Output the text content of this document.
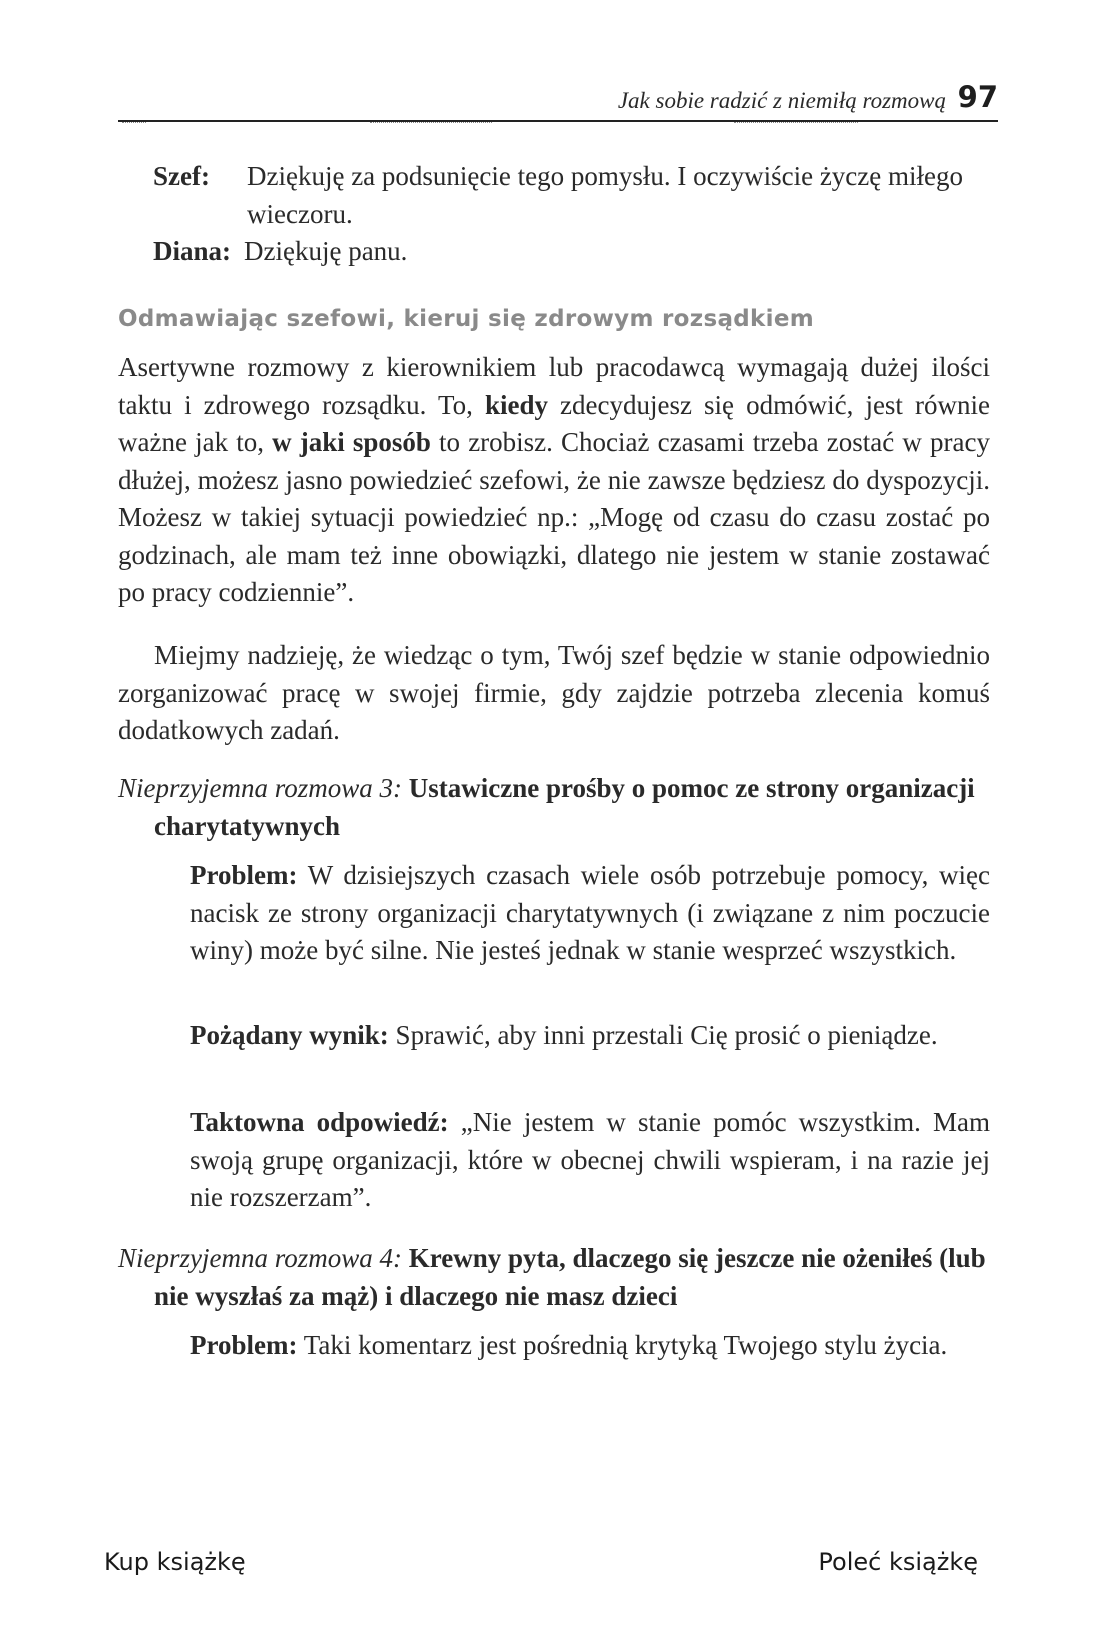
Jak sobie radzić z niemiłą rozmową 97
Szef:	Dziękuję za podsunięcie tego pomysłu. I oczywiście życzę miłego wieczoru.
Diana: Dziękuję panu.
Odmawiając szefowi, kieruj się zdrowym rozsądkiem
Asertywne rozmowy z kierownikiem lub pracodawcą wymagają dużej ilości taktu i zdrowego rozsądku. To, kiedy zdecydujesz się odmówić, jest równie ważne jak to, w jaki sposób to zrobisz. Chociaż czasami trzeba zostać w pracy dłużej, możesz jasno powiedzieć szefowi, że nie zawsze będziesz do dyspozycji. Możesz w takiej sytuacji powiedzieć np.: „Mogę od czasu do czasu zostać po godzinach, ale mam też inne obowiązki, dlatego nie jestem w stanie zostawać po pracy codziennie”.
Miejmy nadzieję, że wiedząc o tym, Twój szef będzie w stanie odpowiednio zorganizować pracę w swojej firmie, gdy zajdzie potrzeba zlecenia komuś dodatkowych zadań.
Nieprzyjemna rozmowa 3: Ustawiczne prośby o pomoc ze strony organizacji charytatywnych
Problem: W dzisiejszych czasach wiele osób potrzebuje pomocy, więc nacisk ze strony organizacji charytatywnych (i związane z nim poczucie winy) może być silne. Nie jesteś jednak w stanie wesprzeć wszystkich.
Pożądany wynik: Sprawić, aby inni przestali Cię prosić o pieniądze.
Taktowna odpowiedź: „Nie jestem w stanie pomóc wszystkim. Mam swoją grupę organizacji, które w obecnej chwili wspieram, i na razie jej nie rozszerzam”.
Nieprzyjemna rozmowa 4: Krewny pyta, dlaczego się jeszcze nie ożeniłeś (lub nie wyszłaś za mąż) i dlaczego nie masz dzieci
Problem: Taki komentarz jest pośrednią krytyką Twojego stylu życia.
Kup książkę	Poleć książkę
